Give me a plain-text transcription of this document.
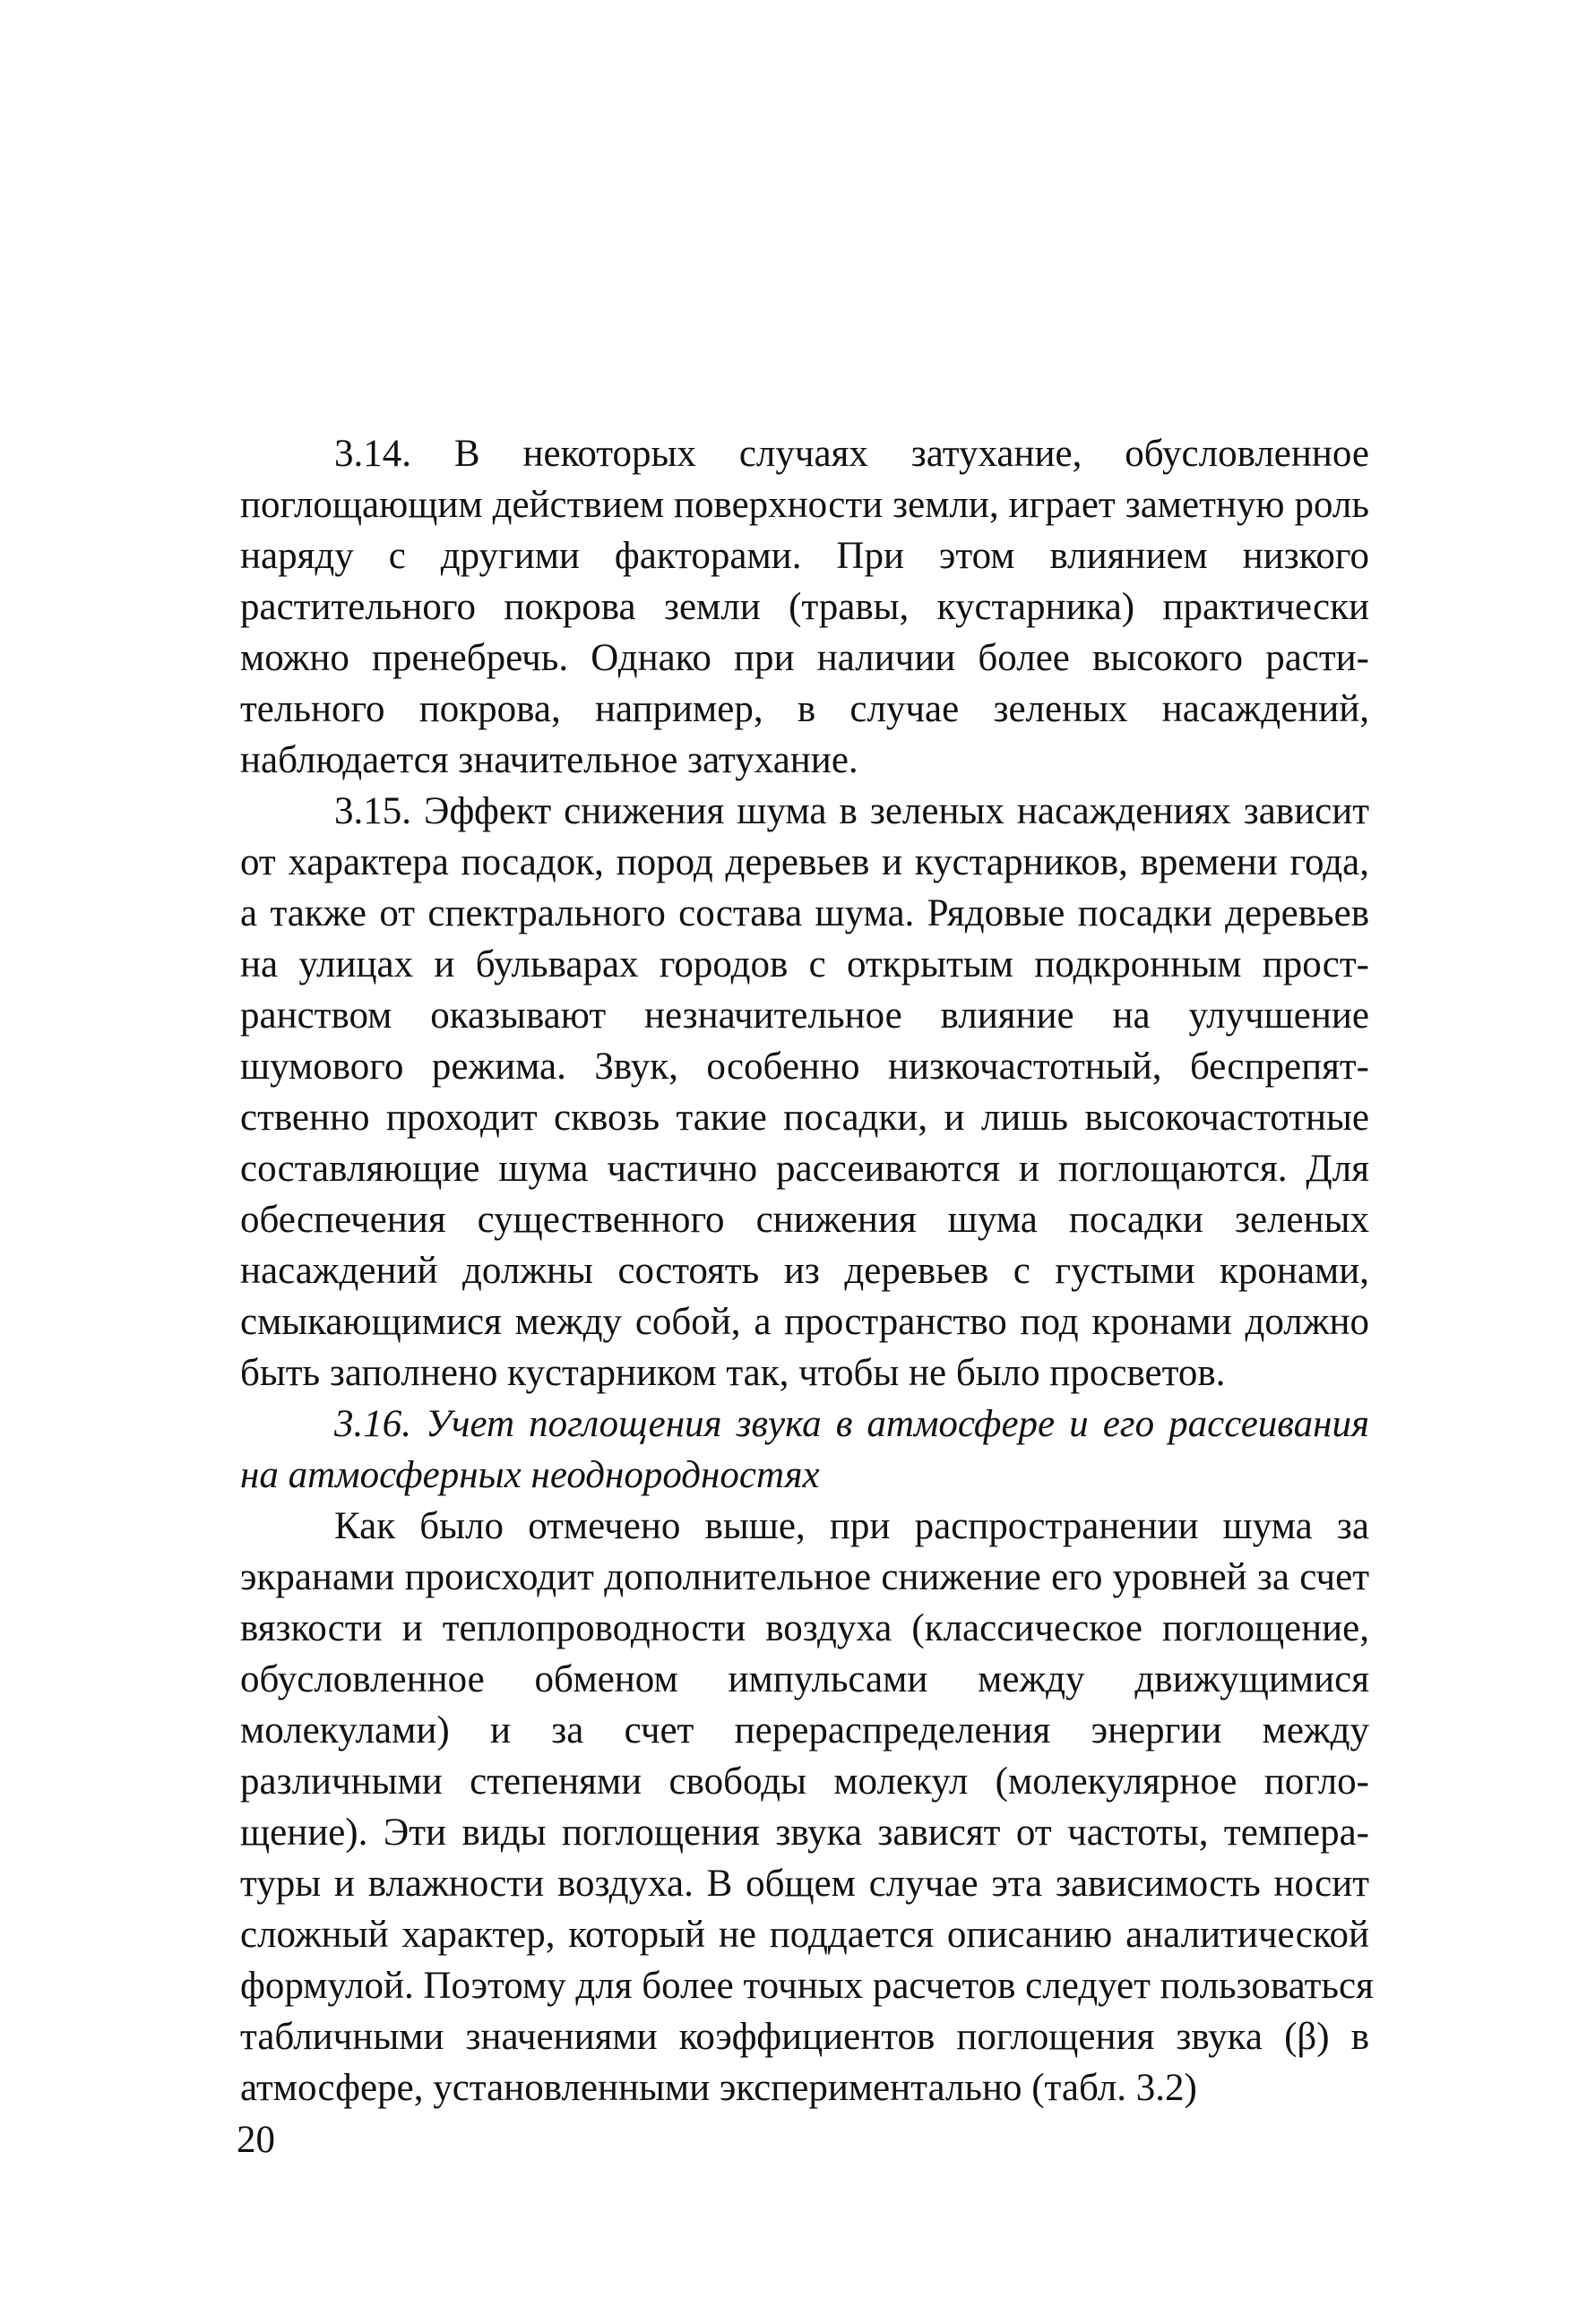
3.14. В некоторых случаях затухание, обусловленное
поглощающим действием поверхности земли, играет заметную роль
наряду с другими факторами. При этом влиянием низкого
растительного покрова земли (травы, кустарника) практически
можно пренебречь. Однако при наличии более высокого расти-
тельного покрова, например, в случае зеленых насаждений,
наблюдается значительное затухание.
3.15. Эффект снижения шума в зеленых насаждениях зависит
от характера посадок, пород деревьев и кустарников, времени года,
а также от спектрального состава шума. Рядовые посадки деревьев
на улицах и бульварах городов с открытым подкронным прост-
ранством оказывают незначительное влияние на улучшение
шумового режима. Звук, особенно низкочастотный, беспрепят-
ственно проходит сквозь такие посадки, и лишь высокочастотные
составляющие шума частично рассеиваются и поглощаются. Для
обеспечения существенного снижения шума посадки зеленых
насаждений должны состоять из деревьев с густыми кронами,
смыкающимися между собой, а пространство под кронами должно
быть заполнено кустарником так, чтобы не было просветов.
3.16. Учет поглощения звука в атмосфере и его рассеивания
на атмосферных неоднородностях
Как было отмечено выше, при распространении шума за
экранами происходит дополнительное снижение его уровней за счет
вязкости и теплопроводности воздуха (классическое поглощение,
обусловленное обменом импульсами между движущимися
молекулами) и за счет перераспределения энергии между
различными степенями свободы молекул (молекулярное погло-
щение). Эти виды поглощения звука зависят от частоты, темпера-
туры и влажности воздуха. В общем случае эта зависимость носит
сложный характер, который не поддается описанию аналитической
формулой. Поэтому для более точных расчетов следует пользоваться
табличными значениями коэффициентов поглощения звука (β) в
атмосфере, установленными экспериментально (табл. 3.2)
20
